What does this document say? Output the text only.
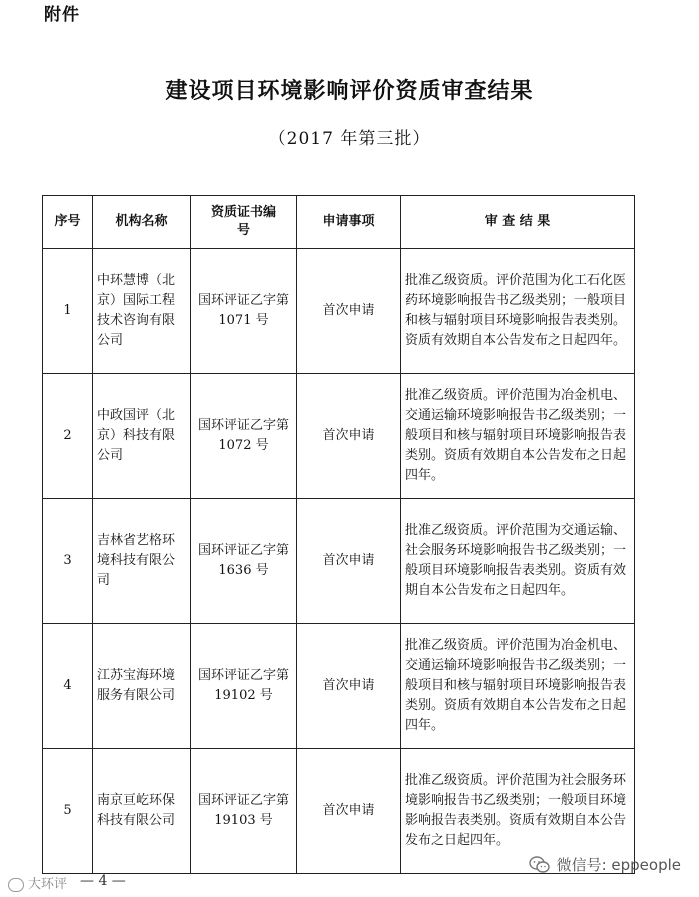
附件
建设项目环境影响评价资质审查结果
（2017 年第三批）
序号	机构名称	资质证书编 号	申请事项	审 查 结 果
1	中环慧博（北京）国际工程技术咨询有限公司	国环评证乙字第 1071 号	首次申请	批准乙级资质。评价范围为化工石化医药环境影响报告书乙级类别；一般项目和核与辐射项目环境影响报告表类别。资质有效期自本公告发布之日起四年。
2	中政国评（北京）科技有限公司	国环评证乙字第 1072 号	首次申请	批准乙级资质。评价范围为冶金机电、交通运输环境影响报告书乙级类别；一般项目和核与辐射项目环境影响报告表类别。资质有效期自本公告发布之日起四年。
3	吉林省艺格环境科技有限公司	国环评证乙字第 1636 号	首次申请	批准乙级资质。评价范围为交通运输、社会服务环境影响报告书乙级类别；一般项目环境影响报告表类别。资质有效期自本公告发布之日起四年。
4	江苏宝海环境服务有限公司	国环评证乙字第 19102 号	首次申请	批准乙级资质。评价范围为冶金机电、交通运输环境影响报告书乙级类别；一般项目和核与辐射项目环境影响报告表类别。资质有效期自本公告发布之日起四年。
5	南京亘屹环保科技有限公司	国环评证乙字第 19103 号	首次申请	批准乙级资质。评价范围为社会服务环境影响报告书乙级类别；一般项目环境影响报告表类别。资质有效期自本公告发布之日起四年。
大环评 — 4 —
微信号: eppeople
